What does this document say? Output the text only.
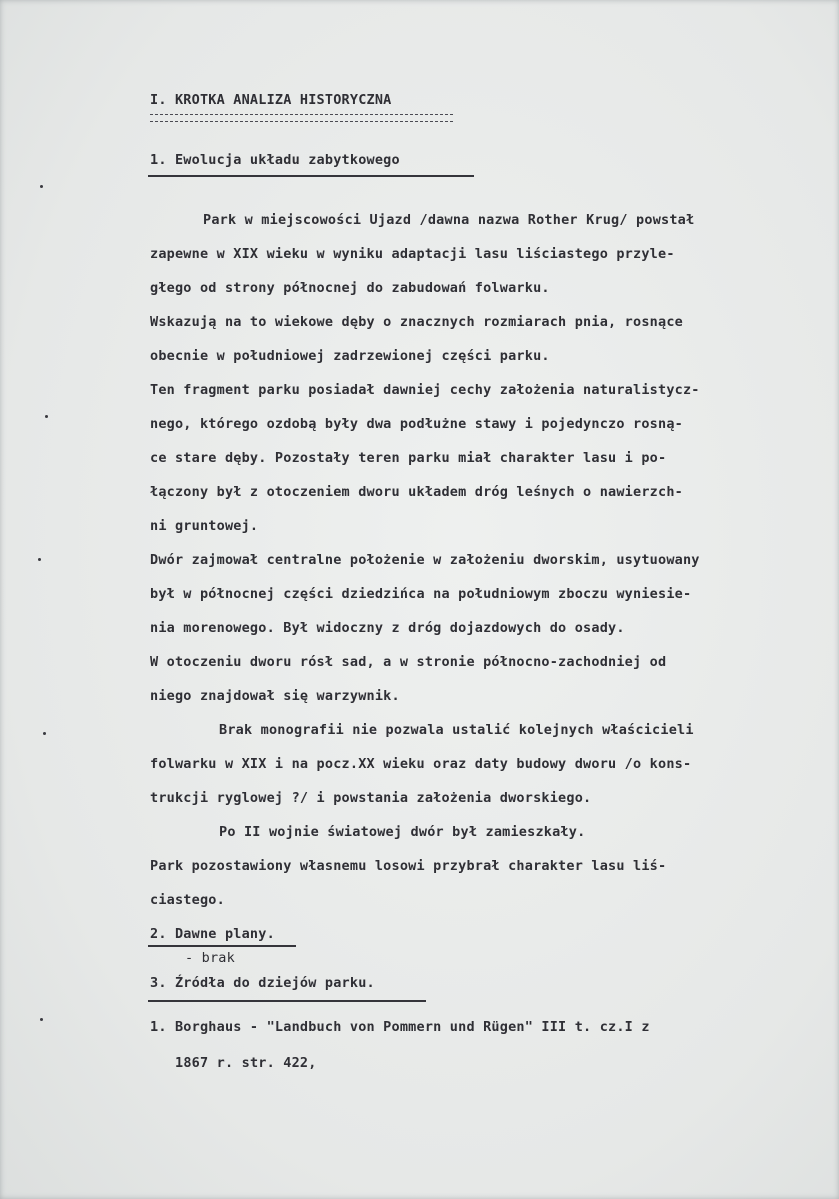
I. KROTKA ANALIZA HISTORYCZNA
1. Ewolucja układu zabytkowego
Park w miejscowości Ujazd /dawna nazwa Rother Krug/ powstał
zapewne w XIX wieku w wyniku adaptacji lasu liściastego przyle-
głego od strony północnej do zabudowań folwarku.
Wskazują na to wiekowe dęby o znacznych rozmiarach pnia, rosnące
obecnie w południowej zadrzewionej części parku.
Ten fragment parku posiadał dawniej cechy założenia naturalistycz-
nego, którego ozdobą były dwa podłużne stawy i pojedynczo rosną-
ce stare dęby. Pozostały teren parku miał charakter lasu i po-
łączony był z otoczeniem dworu układem dróg leśnych o nawierzch-
ni gruntowej.
Dwór zajmował centralne położenie w założeniu dworskim, usytuowany
był w północnej części dziedzińca na południowym zboczu wyniesie-
nia morenowego. Był widoczny z dróg dojazdowych do osady.
W otoczeniu dworu rósł sad, a w stronie północno-zachodniej od
niego znajdował się warzywnik.
Brak monografii nie pozwala ustalić kolejnych właścicieli
folwarku w XIX i na pocz.XX wieku oraz daty budowy dworu /o kons-
trukcji ryglowej ?/ i powstania założenia dworskiego.
Po II wojnie światowej dwór był zamieszkały.
Park pozostawiony własnemu losowi przybrał charakter lasu liś-
ciastego.
2. Dawne plany.
- brak
3. Źródła do dziejów parku.
1. Borghaus - "Landbuch von Pommern und Rügen" III t. cz.I z
1867 r. str. 422,
